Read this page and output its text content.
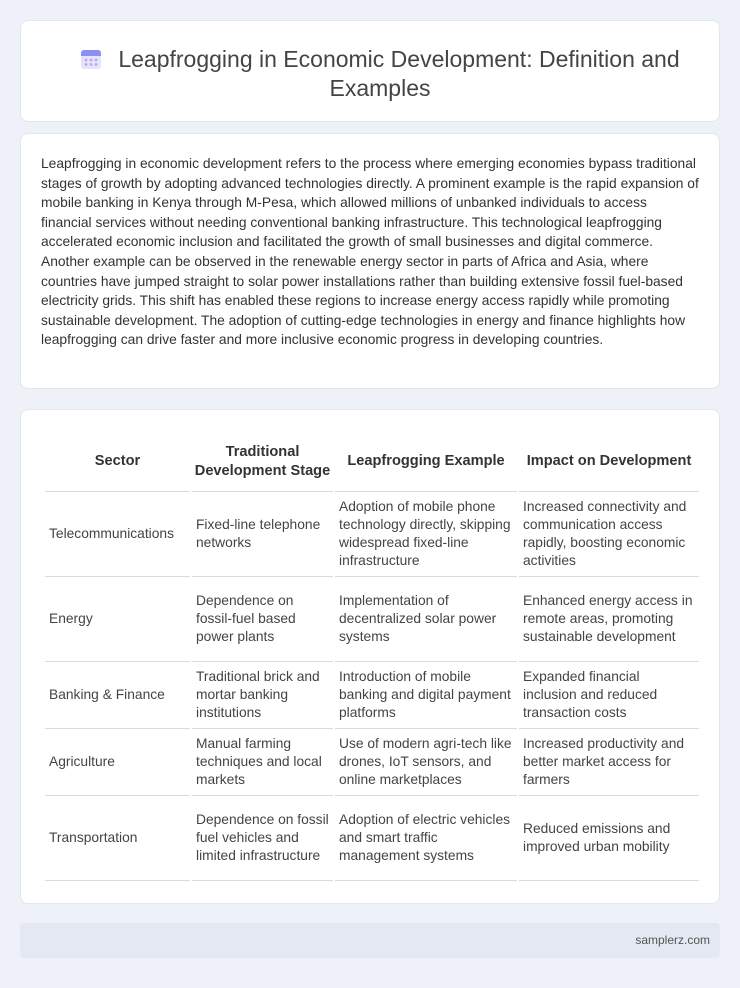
Leapfrogging in Economic Development: Definition and Examples

Leapfrogging in economic development refers to the process where emerging economies bypass traditional stages of growth by adopting advanced technologies directly. A prominent example is the rapid expansion of mobile banking in Kenya through M-Pesa, which allowed millions of unbanked individuals to access financial services without needing conventional banking infrastructure. This technological leapfrogging accelerated economic inclusion and facilitated the growth of small businesses and digital commerce. Another example can be observed in the renewable energy sector in parts of Africa and Asia, where countries have jumped straight to solar power installations rather than building extensive fossil fuel-based electricity grids. This shift has enabled these regions to increase energy access rapidly while promoting sustainable development. The adoption of cutting-edge technologies in energy and finance highlights how leapfrogging can drive faster and more inclusive economic progress in developing countries.

Sector	Traditional Development Stage	Leapfrogging Example	Impact on Development
Telecommunications	Fixed-line telephone networks	Adoption of mobile phone technology directly, skipping widespread fixed-line infrastructure	Increased connectivity and communication access rapidly, boosting economic activities
Energy	Dependence on fossil-fuel based power plants	Implementation of decentralized solar power systems	Enhanced energy access in remote areas, promoting sustainable development
Banking & Finance	Traditional brick and mortar banking institutions	Introduction of mobile banking and digital payment platforms	Expanded financial inclusion and reduced transaction costs
Agriculture	Manual farming techniques and local markets	Use of modern agri-tech like drones, IoT sensors, and online marketplaces	Increased productivity and better market access for farmers
Transportation	Dependence on fossil fuel vehicles and limited infrastructure	Adoption of electric vehicles and smart traffic management systems	Reduced emissions and improved urban mobility
samplerz.com
